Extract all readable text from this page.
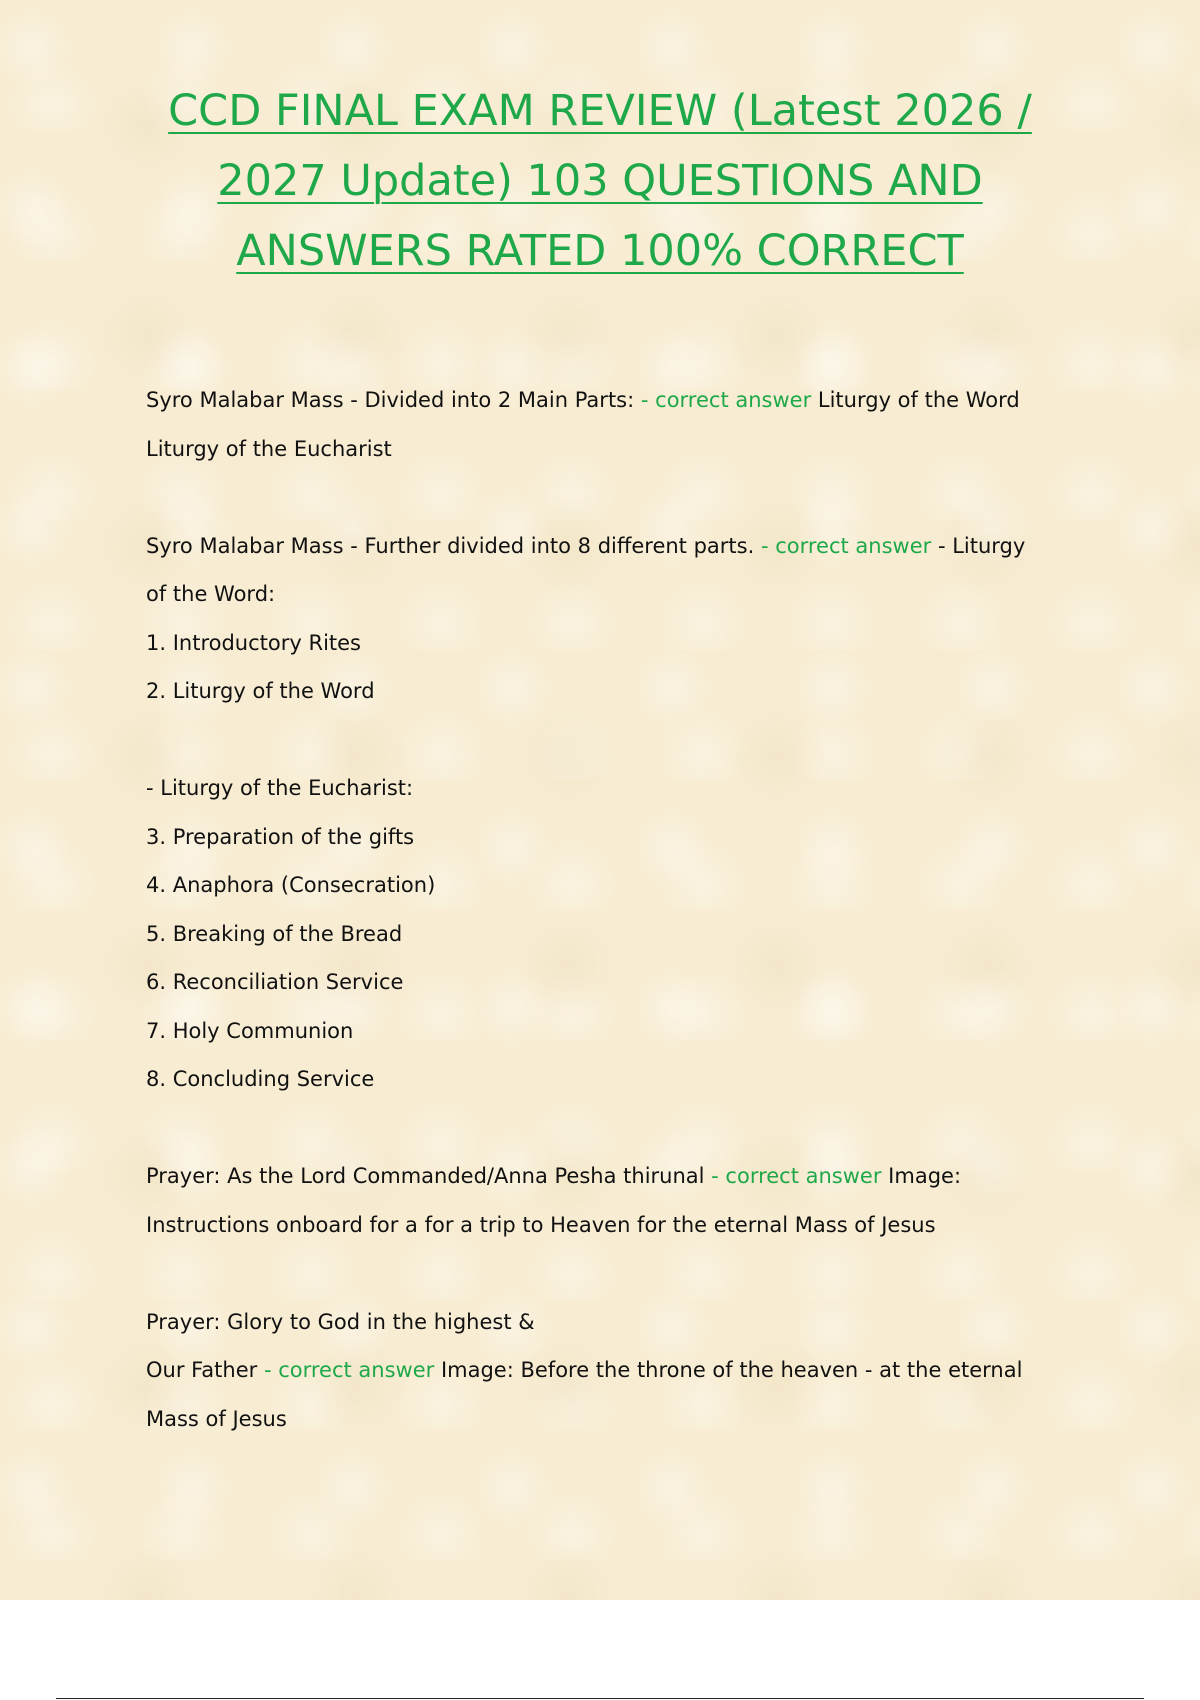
CCD FINAL EXAM REVIEW (Latest 2026 /
2027 Update) 103 QUESTIONS AND
ANSWERS RATED 100% CORRECT
Syro Malabar Mass - Divided into 2 Main Parts: - correct answer Liturgy of the Word
Liturgy of the Eucharist
Syro Malabar Mass - Further divided into 8 different parts. - correct answer - Liturgy
of the Word:
1. Introductory Rites
2. Liturgy of the Word
- Liturgy of the Eucharist:
3. Preparation of the gifts
4. Anaphora (Consecration)
5. Breaking of the Bread
6. Reconciliation Service
7. Holy Communion
8. Concluding Service
Prayer: As the Lord Commanded/Anna Pesha thirunal - correct answer Image:
Instructions onboard for a for a trip to Heaven for the eternal Mass of Jesus
Prayer: Glory to God in the highest &
Our Father - correct answer Image: Before the throne of the heaven - at the eternal
Mass of Jesus
